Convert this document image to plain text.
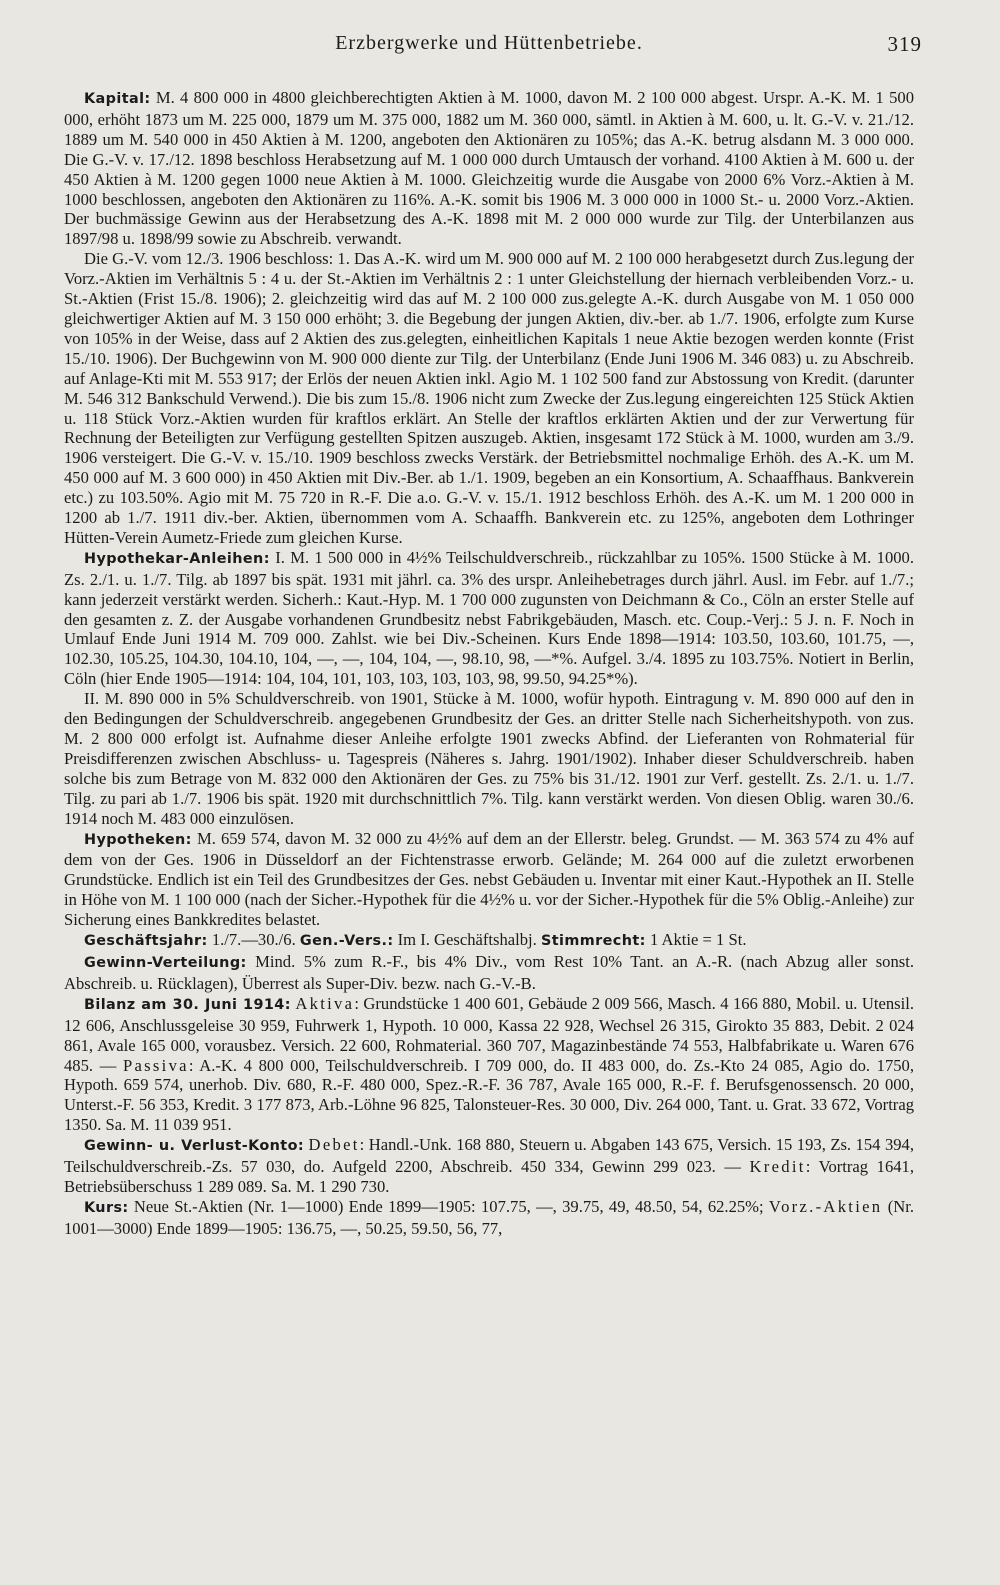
Erzbergwerke und Hüttenbetriebe.	319

Kapital: M. 4 800 000 in 4800 gleichberechtigten Aktien à M. 1000, davon M. 2 100 000 abgest. Urspr. A.-K. M. 1 500 000, erhöht 1873 um M. 225 000, 1879 um M. 375 000, 1882 um M. 360 000, sämtl. in Aktien à M. 600, u. lt. G.-V. v. 21./12. 1889 um M. 540 000 in 450 Aktien à M. 1200, angeboten den Aktionären zu 105%; das A.-K. betrug alsdann M. 3 000 000. Die G.-V. v. 17./12. 1898 beschloss Herabsetzung auf M. 1 000 000 durch Umtausch der vorhand. 4100 Aktien à M. 600 u. der 450 Aktien à M. 1200 gegen 1000 neue Aktien à M. 1000. Gleichzeitig wurde die Ausgabe von 2000 6% Vorz.-Aktien à M. 1000 beschlossen, angeboten den Aktionären zu 116%. A.-K. somit bis 1906 M. 3 000 000 in 1000 St.- u. 2000 Vorz.-Aktien. Der buchmässige Gewinn aus der Herabsetzung des A.-K. 1898 mit M. 2 000 000 wurde zur Tilg. der Unterbilanzen aus 1897/98 u. 1898/99 sowie zu Abschreib. verwandt.

Die G.-V. vom 12./3. 1906 beschloss: 1. Das A.-K. wird um M. 900 000 auf M. 2 100 000 herabgesetzt durch Zus.legung der Vorz.-Aktien im Verhältnis 5 : 4 u. der St.-Aktien im Verhältnis 2 : 1 unter Gleichstellung der hiernach verbleibenden Vorz.- u. St.-Aktien (Frist 15./8. 1906); 2. gleichzeitig wird das auf M. 2 100 000 zus.gelegte A.-K. durch Ausgabe von M. 1 050 000 gleichwertiger Aktien auf M. 3 150 000 erhöht; 3. die Begebung der jungen Aktien, div.-ber. ab 1./7. 1906, erfolgte zum Kurse von 105% in der Weise, dass auf 2 Aktien des zus.gelegten, einheitlichen Kapitals 1 neue Aktie bezogen werden konnte (Frist 15./10. 1906). Der Buchgewinn von M. 900 000 diente zur Tilg. der Unterbilanz (Ende Juni 1906 M. 346 083) u. zu Abschreib. auf Anlage-Kti mit M. 553 917; der Erlös der neuen Aktien inkl. Agio M. 1 102 500 fand zur Abstossung von Kredit. (darunter M. 546 312 Bankschuld Verwend.). Die bis zum 15./8. 1906 nicht zum Zwecke der Zus.legung eingereichten 125 Stück Aktien u. 118 Stück Vorz.-Aktien wurden für kraftlos erklärt. An Stelle der kraftlos erklärten Aktien und der zur Verwertung für Rechnung der Beteiligten zur Verfügung gestellten Spitzen auszugeb. Aktien, insgesamt 172 Stück à M. 1000, wurden am 3./9. 1906 versteigert. Die G.-V. v. 15./10. 1909 beschloss zwecks Verstärk. der Betriebsmittel nochmalige Erhöh. des A.-K. um M. 450 000 auf M. 3 600 000) in 450 Aktien mit Div.-Ber. ab 1./1. 1909, begeben an ein Konsortium, A. Schaaffhaus. Bankverein etc.) zu 103.50%. Agio mit M. 75 720 in R.-F. Die a.o. G.-V. v. 15./1. 1912 beschloss Erhöh. des A.-K. um M. 1 200 000 in 1200 ab 1./7. 1911 div.-ber. Aktien, übernommen vom A. Schaaffh. Bankverein etc. zu 125%, angeboten dem Lothringer Hütten-Verein Aumetz-Friede zum gleichen Kurse.

Hypothekar-Anleihen: I. M. 1 500 000 in 4½% Teilschuldverschreib., rückzahlbar zu 105%. 1500 Stücke à M. 1000. Zs. 2./1. u. 1./7. Tilg. ab 1897 bis spät. 1931 mit jährl. ca. 3% des urspr. Anleihebetrages durch jährl. Ausl. im Febr. auf 1./7.; kann jederzeit verstärkt werden. Sicherh.: Kaut.-Hyp. M. 1 700 000 zugunsten von Deichmann & Co., Cöln an erster Stelle auf den gesamten z. Z. der Ausgabe vorhandenen Grundbesitz nebst Fabrikgebäuden, Masch. etc. Coup.-Verj.: 5 J. n. F. Noch in Umlauf Ende Juni 1914 M. 709 000. Zahlst. wie bei Div.-Scheinen. Kurs Ende 1898—1914: 103.50, 103.60, 101.75, —, 102.30, 105.25, 104.30, 104.10, 104, —, —, 104, 104, —, 98.10, 98, —*%. Aufgel. 3./4. 1895 zu 103.75%. Notiert in Berlin, Cöln (hier Ende 1905—1914: 104, 104, 101, 103, 103, 103, 103, 98, 99.50, 94.25*%).

II. M. 890 000 in 5% Schuldverschreib. von 1901, Stücke à M. 1000, wofür hypoth. Eintragung v. M. 890 000 auf den in den Bedingungen der Schuldverschreib. angegebenen Grundbesitz der Ges. an dritter Stelle nach Sicherheitshypoth. von zus. M. 2 800 000 erfolgt ist. Aufnahme dieser Anleihe erfolgte 1901 zwecks Abfind. der Lieferanten von Rohmaterial für Preisdifferenzen zwischen Abschluss- u. Tagespreis (Näheres s. Jahrg. 1901/1902). Inhaber dieser Schuldverschreib. haben solche bis zum Betrage von M. 832 000 den Aktionären der Ges. zu 75% bis 31./12. 1901 zur Verf. gestellt. Zs. 2./1. u. 1./7. Tilg. zu pari ab 1./7. 1906 bis spät. 1920 mit durchschnittlich 7%. Tilg. kann verstärkt werden. Von diesen Oblig. waren 30./6. 1914 noch M. 483 000 einzulösen.

Hypotheken: M. 659 574, davon M. 32 000 zu 4½% auf dem an der Ellerstr. beleg. Grundst. — M. 363 574 zu 4% auf dem von der Ges. 1906 in Düsseldorf an der Fichtenstrasse erworb. Gelände; M. 264 000 auf die zuletzt erworbenen Grundstücke. Endlich ist ein Teil des Grundbesitzes der Ges. nebst Gebäuden u. Inventar mit einer Kaut.-Hypothek an II. Stelle in Höhe von M. 1 100 000 (nach der Sicher.-Hypothek für die 4½% u. vor der Sicher.-Hypothek für die 5% Oblig.-Anleihe) zur Sicherung eines Bankkredites belastet.

Geschäftsjahr: 1./7.—30./6. Gen.-Vers.: Im I. Geschäftshalbj. Stimmrecht: 1 Aktie = 1 St.

Gewinn-Verteilung: Mind. 5% zum R.-F., bis 4% Div., vom Rest 10% Tant. an A.-R. (nach Abzug aller sonst. Abschreib. u. Rücklagen), Überrest als Super-Div. bezw. nach G.-V.-B.

Bilanz am 30. Juni 1914: Aktiva: Grundstücke 1 400 601, Gebäude 2 009 566, Masch. 4 166 880, Mobil. u. Utensil. 12 606, Anschlussgeleise 30 959, Fuhrwerk 1, Hypoth. 10 000, Kassa 22 928, Wechsel 26 315, Girokto 35 883, Debit. 2 024 861, Avale 165 000, vorausbez. Versich. 22 600, Rohmaterial. 360 707, Magazinbestände 74 553, Halbfabrikate u. Waren 676 485. — Passiva: A.-K. 4 800 000, Teilschuldverschreib. I 709 000, do. II 483 000, do. Zs.-Kto 24 085, Agio do. 1750, Hypoth. 659 574, unerhob. Div. 680, R.-F. 480 000, Spez.-R.-F. 36 787, Avale 165 000, R.-F. f. Berufsgenossensch. 20 000, Unterst.-F. 56 353, Kredit. 3 177 873, Arb.-Löhne 96 825, Talonsteuer-Res. 30 000, Div. 264 000, Tant. u. Grat. 33 672, Vortrag 1350. Sa. M. 11 039 951.

Gewinn- u. Verlust-Konto: Debet: Handl.-Unk. 168 880, Steuern u. Abgaben 143 675, Versich. 15 193, Zs. 154 394, Teilschuldverschreib.-Zs. 57 030, do. Aufgeld 2200, Abschreib. 450 334, Gewinn 299 023. — Kredit: Vortrag 1641, Betriebsüberschuss 1 289 089. Sa. M. 1 290 730.

Kurs: Neue St.-Aktien (Nr. 1—1000) Ende 1899—1905: 107.75, —, 39.75, 49, 48.50, 54, 62.25%; Vorz.-Aktien (Nr. 1001—3000) Ende 1899—1905: 136.75, —, 50.25, 59.50, 56, 77,
